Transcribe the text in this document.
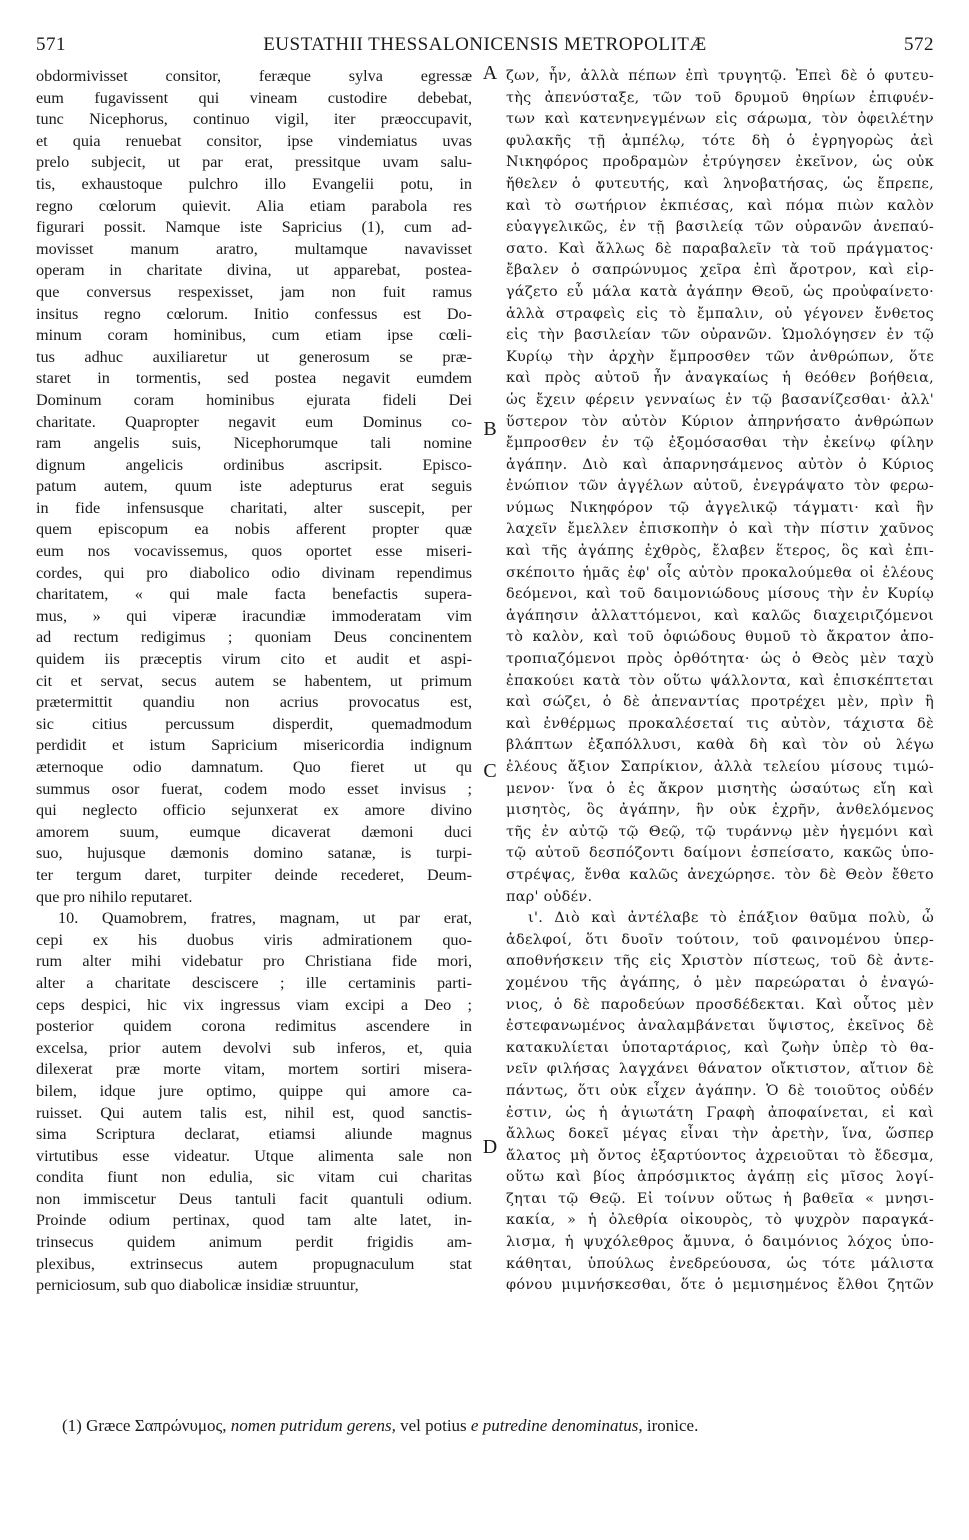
571	EUSTATHII THESSALONICENSIS METROPOLITÆ	572
obdormivisset consitor, feræque sylva egressæ
eum fugavissent qui vineam custodire debebat,
tunc Nicephorus, continuo vigil, iter præoccupavit,
et quia renuebat consitor, ipse vindemiatus uvas
prelo subjecit, ut par erat, pressitque uvam salu-
tis, exhaustoque pulchro illo Evangelii potu, in
regno cœlorum quievit. Alia etiam parabola res
figurari possit. Namque iste Sapricius (1), cum ad-
movisset manum aratro, multamque navavisset
operam in charitate divina, ut apparebat, postea-
que conversus respexisset, jam non fuit ramus
insitus regno cœlorum. Initio confessus est Do-
minum coram hominibus, cum etiam ipse cœli-
tus adhuc auxiliaretur ut generosum se præ-
staret in tormentis, sed postea negavit eumdem
Dominum coram hominibus ejurata fideli Dei
charitate. Quapropter negavit eum Dominus co-
ram angelis suis, Nicephorumque tali nomine
dignum angelicis ordinibus ascripsit. Episco-
patum autem, quum iste adepturus erat seguis
in fide infensusque charitati, alter suscepit, per
quem episcopum ea nobis afferent propter quæ
eum nos vocavissemus, quos oportet esse miseri-
cordes, qui pro diabolico odio divinam rependimus
charitatem, « qui male facta benefactis supera-
mus, » qui viperæ iracundiæ immoderatam vim
ad rectum redigimus ; quoniam Deus concinentem
quidem iis præceptis virum cito et audit et aspi-
cit et servat, secus autem se habentem, ut primum
prætermittit quandiu non acrius provocatus est,
sic citius percussum disperdit, quemadmodum
perdidit et istum Sapricium misericordia indignum
æternoque odio damnatum. Quo fieret ut qu
summus osor fuerat, codem modo esset invisus ;
qui neglecto officio sejunxerat ex amore divino
amorem suum, eumque dicaverat dæmoni duci
suo, hujusque dæmonis domino satanæ, is turpi-
ter tergum daret, turpiter deinde recederet, Deum-
que pro nihilo reputaret.
10. Quamobrem, fratres, magnam, ut par erat,
cepi ex his duobus viris admirationem quo-
rum alter mihi videbatur pro Christiana fide mori,
alter a charitate desciscere ; ille certaminis parti-
ceps despici, hic vix ingressus viam excipi a Deo ;
posterior quidem corona redimitus ascendere in
excelsa, prior autem devolvi sub inferos, et, quia
dilexerat præ morte vitam, mortem sortiri misera-
bilem, idque jure optimo, quippe qui amore ca-
ruisset. Qui autem talis est, nihil est, quod sanctis-
sima Scriptura declarat, etiamsi aliunde magnus
virtutibus esse videatur. Utque alimenta sale non
condita fiunt non edulia, sic vitam cui charitas
non immiscetur Deus tantuli facit quantuli odium.
Proinde odium pertinax, quod tam alte latet, in-
trinsecus quidem animum perdit frigidis am-
plexibus, extrinsecus autem propugnaculum stat
perniciosum, sub quo diabolicæ insidiæ struuntur,
A
B
C
D
ζων, ἦν, ἀλλὰ πέπων ἐπὶ τρυγητῷ. Ἐπεὶ δὲ ὁ φυτευ-
τὴς ἀπενύσταξε, τῶν τοῦ δρυμοῦ θηρίων ἐπιφυέν-
των καὶ κατενηνεγμένων εἰς σάρωμα, τὸν ὀφειλέτην
φυλακῆς τῇ ἀμπέλῳ, τότε δὴ ὁ ἐγρηγορὼς ἀεὶ
Νικηφόρος προδραμὼν ἐτρύγησεν ἐκεῖνον, ὡς οὐκ
ἤθελεν ὁ φυτευτής, καὶ ληνοβατήσας, ὡς ἔπρεπε,
καὶ τὸ σωτήριον ἐκπιέσας, καὶ πόμα πιὼν καλὸν
εὐαγγελικῶς, ἐν τῇ βασιλείᾳ τῶν οὐρανῶν ἀνεπαύ-
σατο. Καὶ ἄλλως δὲ παραβαλεῖν τὰ τοῦ πράγματος·
ἔβαλεν ὁ σαπρώνυμος χεῖρα ἐπὶ ἄροτρον, καὶ εἰρ-
γάζετο εὖ μάλα κατὰ ἀγάπην Θεοῦ, ὡς προὐφαίνετο·
ἀλλὰ στραφεὶς εἰς τὸ ἔμπαλιν, οὐ γέγονεν ἔνθετος
εἰς τὴν βασιλείαν τῶν οὐρανῶν. Ὡμολόγησεν ἐν τῷ
Κυρίῳ τὴν ἀρχὴν ἔμπροσθεν τῶν ἀνθρώπων, ὅτε
καὶ πρὸς αὐτοῦ ἦν ἀναγκαίως ἡ θεόθεν βοήθεια,
ὡς ἔχειν φέρειν γενναίως ἐν τῷ βασανίζεσθαι· ἀλλ'
ὕστερον τὸν αὐτὸν Κύριον ἀπηρνήσατο ἀνθρώπων
ἔμπροσθεν ἐν τῷ ἐξομόσασθαι τὴν ἐκείνῳ φίλην
ἀγάπην. Διὸ καὶ ἀπαρνησάμενος αὐτὸν ὁ Κύριος
ἐνώπιον τῶν ἀγγέλων αὐτοῦ, ἐνεγράψατο τὸν φερω-
νύμως Νικηφόρον τῷ ἀγγελικῷ τάγματι· καὶ ἣν
λαχεῖν ἔμελλεν ἐπισκοπὴν ὁ καὶ τὴν πίστιν χαῦνος
καὶ τῆς ἀγάπης ἐχθρὸς, ἔλαβεν ἕτερος, ὃς καὶ ἐπι-
σκέποιτο ἡμᾶς ἐφ' οἷς αὐτὸν προκαλούμεθα οἱ ἐλέους
δεόμενοι, καὶ τοῦ δαιμονιώδους μίσους τὴν ἐν Κυρίῳ
ἀγάπησιν ἀλλαττόμενοι, καὶ καλῶς διαχειριζόμενοι
τὸ καλὸν, καὶ τοῦ ὀφιώδους θυμοῦ τὸ ἄκρατον ἀπο-
τροπιαζόμενοι πρὸς ὀρθότητα· ὡς ὁ Θεὸς μὲν ταχὺ
ἐπακούει κατὰ τὸν οὕτω ψάλλοντα, καὶ ἐπισκέπτεται
καὶ σώζει, ὁ δὲ ἀπεναντίας προτρέχει μὲν, πρὶν ἢ
καὶ ἐνθέρμως προκαλέσεταί τις αὐτὸν, τάχιστα δὲ
βλάπτων ἐξαπόλλυσι, καθὰ δὴ καὶ τὸν οὐ λέγω
ἐλέους ἄξιον Σαπρίκιον, ἀλλὰ τελείου μίσους τιμώ-
μενον· ἵνα ὁ ἐς ἄκρον μισητὴς ὡσαύτως εἴη καὶ
μισητὸς, ὃς ἀγάπην, ἣν οὐκ ἐχρῆν, ἀνθελόμενος
τῆς ἐν αὐτῷ τῷ Θεῷ, τῷ τυράννῳ μὲν ἡγεμόνι καὶ
τῷ αὐτοῦ δεσπόζοντι δαίμονι ἐσπείσατο, κακῶς ὑπο-
στρέψας, ἔνθα καλῶς ἀνεχώρησε. τὸν δὲ Θεὸν ἔθετο
παρ' οὐδέν.
ι'. Διὸ καὶ ἀντέλαβε τὸ ἐπάξιον θαῦμα πολὺ, ὦ
ἀδελφοί, ὅτι δυοῖν τούτοιν, τοῦ φαινομένου ὑπερ-
αποθνήσκειν τῆς εἰς Χριστὸν πίστεως, τοῦ δὲ ἀντε-
χομένου τῆς ἀγάπης, ὁ μὲν παρεώραται ὁ ἐναγώ-
νιος, ὁ δὲ παροδεύων προσδέδεκται. Καὶ οὗτος μὲν
ἐστεφανωμένος ἀναλαμβάνεται ὕψιστος, ἐκεῖνος δὲ
κατακυλίεται ὑποταρτάριος, καὶ ζωὴν ὑπὲρ τὸ θα-
νεῖν φιλήσας λαγχάνει θάνατον οἴκτιστον, αἴτιον δὲ
πάντως, ὅτι οὐκ εἶχεν ἀγάπην. Ὁ δὲ τοιοῦτος οὐδέν
ἐστιν, ὡς ἡ ἁγιωτάτη Γραφὴ ἀποφαίνεται, εἰ καὶ
ἄλλως δοκεῖ μέγας εἶναι τὴν ἀρετὴν, ἵνα, ὥσπερ
ἄλατος μὴ ὄντος ἐξαρτύοντος ἀχρειοῦται τὸ ἔδεσμα,
οὕτω καὶ βίος ἀπρόσμικτος ἀγάπῃ εἰς μῖσος λογί-
ζηται τῷ Θεῷ. Εἰ τοίνυν οὕτως ἡ βαθεῖα « μνησι-
κακία, » ἡ ὀλεθρία οἰκουρὸς, τὸ ψυχρὸν παραγκά-
λισμα, ἡ ψυχόλεθρος ἄμυνα, ὁ δαιμόνιος λόχος ὑπο-
κάθηται, ὑπούλως ἐνεδρεύουσα, ὡς τότε μάλιστα
φόνου μιμνήσκεσθαι, ὅτε ὁ μεμισημένος ἔλθοι ζητῶν
(1) Græce Σαπρώνυμος, nomen putridum gerens, vel potius e putredine denominatus, ironice.
